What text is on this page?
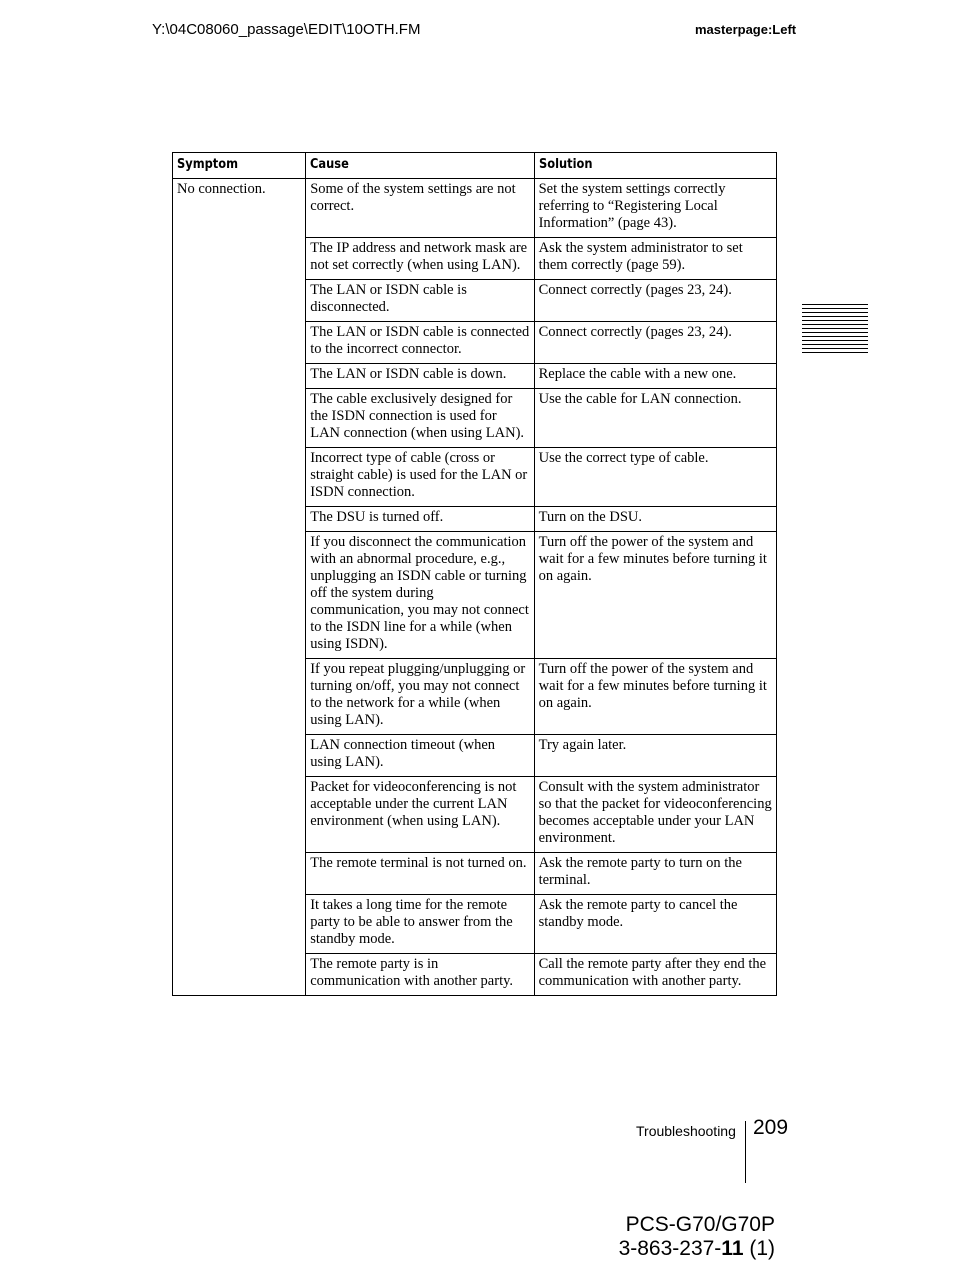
Y:\04C08060_passage\EDIT\10OTH.FM	masterpage:Left
Symptom	Cause	Solution
No connection.	Some of the system settings are not correct.	Set the system settings correctly referring to “Registering Local Information” (page 43).
	The IP address and network mask are not set correctly (when using LAN).	Ask the system administrator to set them correctly (page 59).
	The LAN or ISDN cable is disconnected.	Connect correctly (pages 23, 24).
	The LAN or ISDN cable is connected to the incorrect connector.	Connect correctly (pages 23, 24).
	The LAN or ISDN cable is down.	Replace the cable with a new one.
	The cable exclusively designed for the ISDN connection is used for LAN connection (when using LAN).	Use the cable for LAN connection.
	Incorrect type of cable (cross or straight cable) is used for the LAN or ISDN connection.	Use the correct type of cable.
	The DSU is turned off.	Turn on the DSU.
	If you disconnect the communication with an abnormal procedure, e.g., unplugging an ISDN cable or turning off the system during communication, you may not connect to the ISDN line for a while (when using ISDN).	Turn off the power of the system and wait for a few minutes before turning it on again.
	If you repeat plugging/unplugging or turning on/off, you may not connect to the network for a while (when using LAN).	Turn off the power of the system and wait for a few minutes before turning it on again.
	LAN connection timeout (when using LAN).	Try again later.
	Packet for videoconferencing is not acceptable under the current LAN environment (when using LAN).	Consult with the system administrator so that the packet for videoconferencing becomes acceptable under your LAN environment.
	The remote terminal is not turned on.	Ask the remote party to turn on the terminal.
	It takes a long time for the remote party to be able to answer from the standby mode.	Ask the remote party to cancel the standby mode.
	The remote party is in communication with another party.	Call the remote party after they end the communication with another party.
Troubleshooting 209
PCS-G70/G70P
3-863-237-11 (1)
